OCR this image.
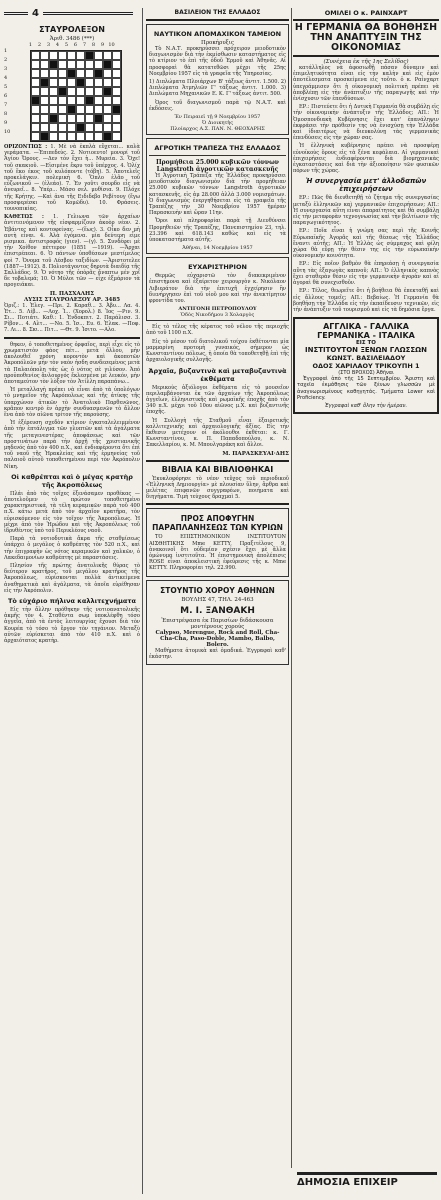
4
ΣΤΑΥΡΟΛΕΞΟΝ
Ἀριθ. 3486 (***)
1	2	3	4	5	6	7	8	9 10
1
2
3
4
5
6
7
8
9
10

ΟΡΙΖΟΝΤΙΩΣ : 1. Μὲ νὰ ἐκπλὰ εὔχεται... καλὰ γεράματα. —Ἐπιπεδεύς. 2. Νοτιοευτο! μονορί τοῦ Ἁγίου Ὄρους. —Δεν τὸν ἔχει ἡ... Μυρεία. 3. Ὄχε! τοῦ σκακιοῦ. —Εἰσιμένε ἔκρυ τοῦ ὑπέρχος. 4. Ὁλίχ τοῦ ἔκο ἑκος τοῦ κυλόποντε (τόβη). 5. Ἀποτελεῖς προκελάγκιν. πολεμικὴ 6. Ὅπλο ἐλᾶο τοῦ εὐζωνικοῦ — (ἑλεάο). 7. Ἐν γοῦτι σουρδο εἶς νὰ ἀνευρεῖ... 8. Ὑπέρ... Μάσο σελ. μυθίσια. 9. Πλόχε τῆς Κρήτης. —Καὶ ἀνα τῆς Ειδιδεβο Ρεβίτουγ (ἔγω προσφερέσκι τοῦ Κομῶδυ). 10. Φράσεις. τουνοπικίας.

ΚΑΘΕΤΩΣ : 1. Γελιωνα τῶν ἀρχαίων ἀντιτεινόμενον τῆς εἰσφαρμίζουν ἀκοὸρ νέον. 2. Ἐβάντες καὶ κοντοφείνας. —(ἕως). 3. Οἶκο δεν μὴ αυτὴ εἶναι. 4. Ἀλὰ ἐγόμενα. μία δεύτερη εἶμε ρισμικα. ἀντιστροφός (γιεν). —(γ). 5. Συνδέφει μὲ τὴν Χοίθον πέττερον (1851 —1919). —Ἄρχαι ἐπιστρέπεαι. 6. Ὁ πάντων ὑποθέσεων μεστίμελος φοὶ 7. Ὀνομα τοῦ Λέσβου ταξιδίων. —Ἀριστοτελεε (1887—1912). 8. Πολιοτάγοντος δηρυτὰ διαιδίᾳ τῆς Σαλλάδος. 9. Ὅ νότηο τῆς ὀπὸρᾶς ἄναπτω μέν χρῖ δε τοβαλεμά; 10. Ὁ Μύλοι τῶν — εἶχε ἐξμάριον τὰ προγειάκαι.

Π. ΠΑΣΧΑΛΗΣ
ΛΥΣΙΣ ΣΤΑΥΡΟΛΕΞΟΥ ΑΡ. 3485

Ὁριζ.: 1. Ἐλεγ. —Πρι. 2. Καραθ... 3. Ἀβυ... Λα. 4. Ἐτ... 5. Λίβ... —Λοχ. Ἱ... (Χορολ.) 8. Ἰος —Ριν. 9. Σι... Ποτιάτι. Καθ.: 1. Ἐνδοκπιτ. 2. Παράλισσ. 3. Ρίβον... 4. Αλτ... —Νο. 5. Ἰσ... Ευ. 6. Ἐλακ. —Ποφ. 7. Λι... 8. Σκι... Πιτ... —Θτ. 9. Ἰσιτο. —Αλο.

θηκεν, ὁ τοποθετημένος ὀρφαῖος, περὶ εἶχε εἰς τὸ χρωματιστὸν φάος πέτ... μετὰ ὄλλου, μὴν ἀκολουθεῖ χρόνη κοροντὸν καὶ ἀκοποτῶν Ἀκροπόλεῶν μὴν τὸν ναὸν ἠσδη συνδεσεμένος μετὰ τὰ Παλαιόπολη τάς ὡς ὁ νότος σὲ γιλύσον. Ἀπό προϋποθενίος ἄνλουργός ἔκλεσμένα μὲ λευκόν, μὴν ἀποταμεύτον τὸν λὸξον τὸν Ἀτίλλη παραπάνω...

Ἡ μεταλλαγὴ πρέπει νὰ εἶναι ἀπὸ τὰ ὑπολόγων τὸ μνημεῖον τῆς Ἀκρόπολεως καὶ τῆς ἀτίκης τῆς ὑπαρχώνον ἀτικῶν τὸ Ἀνατολικὸ Παρθενῶνος, κρᾶπον κεντρὸ ἐν ἀρχὴν συνδυασμενῶν τὸ ἄλλον ἕνα ἀπὸ τὸν αἰῶνα τρίτον τῆς παρούσης.

Ἡ ἐξέρευση σχεδὸν κτίριον ἐγκαταλελειμμένον ἀπὸ τὴν ἑπτάλιγμα τῶν γλυπτῶν καὶ τὰ ἀγάλματα τῆς μεταγενεστέρας ἀποφάσεως καὶ τῶν προστινάτων παρὰ τὴν ἀρχῆ τῆς χριστιανικῆς μηδενός ἀπὸ τὸν 400 π.Χ., καὶ ἐνδιαφέροντα ὅτι ἐπὶ τοῦ ναοῦ τῆς Ἡρακλείας καὶ τῆς ἑρμηνείας τοῦ παλαιοῦ αὐτοῦ τοποθετημένου περὶ τὸν Ἀκρόπολιν Νίκη.

Οἱ καθρέπται καὶ ὁ μέγας κρατὴρ τῆς Ἀκροπόλεως

Πλάι ἀπὸ τὰς τοῖχες ἐξενάσαμεν προθέκας —ἀποτελοῦμεν τὸ πρώτον τοποθετημένο χαρακτηριστικά, τὰ τέλη κεραμικῶν παρὰ τοῦ 400 π.Χ. κάτω μετὰ ἀπὸ τὸν ἀρχαῖον κρατῆρα, τὸν εὐρισκόμενον εἰς τὸν τοῖχον τῆς Ἀκροπόλεως. Ἡ μέχρι ἀπὸ τὸν Ἡρώδου καὶ τῆς Ἀκροπόλεως τοῦ ἰδρυθέντος ὑπὸ τοῦ Περικλέους ναοῦ.

Παρὰ τὰ νοτιοδυτικὰ ἄκρα τῆς σταθμίσεως ὑπάρχει ὁ μεγάλος ὁ καθρέπτης τὸν 520 π.Χ., καὶ τὴν ἐπιγραφὴν ὡς νότος κεραμικῶν καὶ χαλκῶν, ὁ Λακεδαιμονίων καθρέπτης μὲ παραστάσεις.

Πλησίον τῆς πρώτης ἀνατολικῆς θύρας τὸ δεύτερον κρατῆρος, τοῦ μεγάλου κρατῆρος τῆς Ἀκροπόλεως, εὐρίσκονται πολλὰ ἀντικείμενα ἀναθηματικὰ καὶ ἀγάλματα, τὰ ὁποῖα εὐρέθησαν εἰς τὴν Ἀκρόπολιν.

Τὸ εὐχάριο πήλινα καλλιτεχνήματα

Εἰς τὴν ἄλλην πρόθηκην τῆς νοτιοανατολικῆς ἀκμῆς τὸν 4. Σταθέντα σωμ ὑποκλέφθη τόσο ἀγγεῖα, ἀπὸ τὰ ἐντὸς λειτουργίας ἔχουσι διὰ τὸν Κουρέα τὸ τόσο τὸ ἔργον τὸν τηγάνιον. Μεταξὺ αὐτῶν εὐρίσκεται ἀπὸ τὸν 410 π.Χ. καὶ ὁ ἀρχαιότατος κρατὴρ.

ΒΑΣΙΛΕΙΟΝ ΤΗΣ ΕΛΛΑΔΟΣ
ΝΑΥΤΙΚΟΝ ΑΠΟΜΑΧΙΚΟΝ ΤΑΜΕΙΟΝ
Προκήρυξις

Τὸ Ν.Α.Τ. προκηρύσσει πρόχειρον μειοδοτικὸν διαγωνισμὸν διὰ τὴν ἐκμίσθωσιν καταστήματος εἰς τὸ κτίριον τὸ ἐπὶ τῆς ὁδοῦ Ἑρμοῦ καὶ Ἀθηνᾶς. Αἱ προσφοραὶ θὰ κατατεθῶσι μέχρι τῆς 25ης Νοεμβρίου 1957 εἰς τὰ γραφεῖα τῆς Ὑπηρεσίας.

1) Διπλώματα Πλοιάρχων Β' τάξεως ἀντιτ. 1.500. 2) Διπλώματα Ἀτμηλιῶν Γ' τάξεως ἀντιτ. 1.000. 3) Διπλώματα Μηχανικῶν Ε. Κ. Γ' τάξεως ἀντιτ. 500.

Ὁρος τοῦ διαγωνισμοῦ παρὰ τῷ Ν.Α.Τ. καὶ ἐκδόσεις.

Ἐν Πειραιεῖ τῇ 9 Νοεμβρίου 1957
Ὁ Διοικητὴς
Πλοίαρχος Α.Σ. ΠΑΝ. Ν. ΘΕΟΧΑΡΗΣ
ΑΓΡΟΤΙΚΗ ΤΡΑΠΕΖΑ ΤΗΣ ΕΛΛΑΔΟΣ
Προμήθεια 25.000 κυβικῶν τόννων Langstroth ἀγροτικῶν κατασκευῆς

Ἡ Ἀγροτικὴ Τράπεζα τῆς Ἑλλάδος προκηρύσσει μειοδοτικὸν διαγωνισμὸν διὰ τὴν προμήθειαν 25.000 κυβικῶν τόννων Langstroth ἀγροτικῶν κατασκευῆς, εἰς ἀμ 28.000 ἀλλὰ 3.000 νομισμάτων. Ὁ διαγωνισμὸς ἐνεργηθήσεται εἰς τὰ γραφεῖα τῆς Τραπέζης τὴν 30 Νοεμβρίου 1957 ἡμέραν Παρασκευὴν καὶ ὥραν 11ην.

Ὅροι καὶ πληροφορίαι παρὰ τῇ Διευθύνσει Προμηθειῶν τῆς Τραπέζης, Πανεπιστημίου 23, τηλ. 23.396 καὶ 618.143 καθὼς καὶ εἰς τὰ ὑποκαταστήματα αὐτῆς.

Ἀθῆναι, 14 Νοεμβρίου 1957
ΕΥΧΑΡΙΣΤΗΡΙΟΝ

Θερμῶς εὐχαριστῶ τὸν διακεκριμένον ἐπιστήμονα καὶ ἐξαίρετον χειρουργὸν κ. Νικόλαον Λιβιεράτον διὰ τὴν ἐπιτυχῆ ἐγχείρησιν ἢν διενήργησεν ἐπὶ τοῦ υἱοῦ μου καὶ τὴν ἀνεκτίμητον φροντίδα του.

ΑΝΤΙΓΟΝΗ ΠΕΤΡΟΠΟΥΛΟΥ
Ὁδὸς Νικοδήμου 3 Χολαργὸς

Εἰς τὸ τέλος τῆς κέρατος τοῦ νέλου τῆς περιοχῆς ἀπὸ τοῦ 1100 π.Χ.

Εἰς τὸ μέσον τοῦ διατολικοῦ τοίχου ἐκθέτονται μία μαρμαρίνη προτομὴ γυναικός, σήμερον ὡς Κωνσταντίνου πόλεως, ἡ ὁποία θὰ τοποθετηθῇ ἐπὶ τῆς ἀρχαιολογικῆς συλλογῆς.

Ἀρχαῖα, βυζαντινὰ καὶ μεταβυζαντινὰ ἐκθέματα

Μερικοὺς ἀξιόλογοι ἐκθέματα εἰς τὸ μουσεῖον περιλαμβάνονται ἐκ τῶν ἀρχαίων τῆς Ἀκροπόλεως ἀγγεῖων, ἑλληνιστικῆς καὶ ρωμαϊκῆς ἐποχῆς ἀπὸ τὸν 340 π.Χ. μέχρι τοῦ 10ου αἰῶνος μ.Χ. καὶ βυζαντινῆς ἐποχῆς.

Ἡ Συλλογὴ τῆς Σταθμοῦ εἶναι ἐξαιρετικῆς καλλιτεχνικῆς καὶ ἀρχαιολογικῆς ἀξίας. Εἰς τὴν ἔκθεσιν μετέχουν οἱ ἀκόλουθοι ἐκθέται: κ. Γ. Κωνσταντίνου, κ. Π. Παπαδοπούλου, κ. Ν. Σακελλαρίου, κ. Μ. Μπουλγαράκη καὶ ἄλλοι.

Μ. ΠΑΡΑΣΚΕΥΑΙ·ΔΗΣ
ΒΙΒΛΙΑ ΚΑΙ ΒΙΒΛΙΟΘΗΚΑΙ

Ἐκυκλοφόρησε τὸ νέον τεῦχος τοῦ περιοδικοῦ «Ἑλληνικὴ Δημιουργία» μὲ πλουσίαν ὕλην, ἄρθρα καὶ μελέτας ἐπιφανῶν συγγραφέων, ποιήματα καὶ διηγήματα. Τιμὴ τεύχους δραχμαὶ 5.

ΠΡΟΣ ΑΠΟΦΥΓΗΝ ΠΑΡΑΠΛΑΝΗΣΕΩΣ ΤΩΝ ΚΥΡΙΩΝ

ΤΟ ΕΠΙΣΤΗΜΟΝΙΚΟΝ ΙΝΣΤΙΤΟΥΤΟΝ ΑΙΣΘΗΤΙΚΗΣ Mme KETTY, Πραξιτέλους 9, ἀνακοινοῖ ὅτι οὐδεμίαν σχέσιν ἔχει μὲ ἄλλα ὁμώνυμα ἰνστιτοῦτα. Ἡ ἐπιστημονικὴ ἀπολέπισις ROSE εἶναι ἀποκλειστικὴ ἐφεύρεσις τῆς κ. Mme KETTY. Πληροφορίαι τηλ. 22.990.

ΣΤΟΥΝΤΙΟ ΧΟΡΟΥ ΑΘΗΝΩΝ
ΒΟΥΛΗΣ 47, ΤΗΛ. 24-463
Μ. Ι. ΞΑΝΘΑΚΗ
Ἐπιστρέψασα ἐκ Παρισίων διδάσκουσα μοντέρνους χοροὺς
Calypso, Merengue, Rock and Roll, Cha-Cha-Cha, Paso-Doble, Mambo, Balbo, Bolero.

Μαθήματα ἀτομικὰ καὶ ὁμαδικά. Ἐγγραφαὶ καθ' ἑκάστην.

ΟΜΙΛΕΙ Ο κ. ΡΑΙΝΧΑΡΤ
Η ΓΕΡΜΑΝΙΑ ΘΑ ΒΟΗΘΗΣΗ ΤΗΝ ΑΝΑΠΤΥΞΙΝ ΤΗΣ ΟΙΚΟΝΟΜΙΑΣ
(Συνέχεια ἐκ τῆς 1ης Σελίδος)

κατάλληλος νὰ ἀφοσιωθῇ πάσαν δύναμιν καὶ ἐπιμελητικότητα εἰναι εἰς τὴν καλὴν καὶ εἰς ἐμὸν ἀποτέλεσματα προσκείμενα εἰς τοῦτο. ὁ κ. Ραίνχαρτ ὑπεγράμμισεν ὅτι ἡ οἰκονομικὴ πολιτικὴ πρέπει νὰ ἀποβλέπῃ εἰς τὴν ἀνάπτυξιν τῆς παραγωγῆς καὶ τὴν ἐνίσχυσιν τῶν ἐπενδύσεων.

ΕΡ.: Πιστεύετε ὅτι ἡ Δυτικὴ Γερμανία θὰ συμβάλῃ εἰς τὴν οἰκονομικὴν ἀνάπτυξιν τῆς Ἑλλάδος; ΑΠ.: Ἡ Ὁμοσπονδιακὴ Κυβέρνησις ἔχει κατ' ἐπανάληψιν ἐκφράσει τὴν πρόθεσίν της νὰ ἐνισχύσῃ τὴν Ἑλλάδα καὶ ἰδιαιτέρως νὰ διευκολύνῃ τὰς γερμανικὰς ἐπενδύσεις εἰς τὴν χώραν σας.

Ἡ ἑλληνικὴ κυβέρνησις πρέπει νὰ προσφέρῃ εὐνοϊκοὺς ὅρους εἰς τὰ ξένα κεφάλαια. Αἱ γερμανικαὶ ἐπιχειρήσεις ἐνδιαφέρονται διὰ βιομηχανικὰς ἐγκαταστάσεις καὶ διὰ τὴν ἀξιοποίησιν τῶν φυσικῶν πόρων τῆς χώρας.

Ἡ συνεργασία μετ' ἀλλοδαπῶν ἐπιχειρήσεων

ΕΡ.: Πῶς θὰ διευθετηθῇ τὸ ζήτημα τῆς συνεργασίας μεταξὺ ἑλληνικῶν καὶ γερμανικῶν ἐπιχειρήσεων; ΑΠ.: Ἡ συνεργασία αὕτη εἶναι ἀπαραίτητος καὶ θὰ συμβάλῃ εἰς τὴν μεταφορὰν τεχνογνωσίας καὶ τὴν βελτίωσιν τῆς παραγωγικότητος.

ΕΡ.: Ποῖα εἶναι ἡ γνώμη σας περὶ τῆς Κοινῆς Εὐρωπαϊκῆς Ἀγορᾶς καὶ τῆς θέσεως τῆς Ἑλλάδος ἔναντι αὐτῆς; ΑΠ.: Ἡ Ἑλλὰς ὡς σύμμαχος καὶ φίλη χώρα θὰ εὕρῃ τὴν θέσιν της εἰς τὴν εὐρωπαϊκὴν οἰκονομικὴν κοινότητα.

ΕΡ.: Εἰς ποῖον βαθμὸν θὰ ἐπηρεάσῃ ἡ συνεργασία αὕτη τὰς ἐξαγωγὰς καπνοῦ; ΑΠ.: Ὁ ἑλληνικὸς καπνὸς ἔχει σταθερὰν θέσιν εἰς τὴν γερμανικὴν ἀγορὰν καὶ αἱ ἀγοραὶ θὰ συνεχισθοῦν.

ΕΡ.: Τέλος, θεωρεῖτε ὅτι ἡ βοήθεια θὰ ἐπεκταθῇ καὶ εἰς ἄλλους τομεῖς; ΑΠ.: Βεβαίως. Ἡ Γερμανία θὰ βοηθήσῃ τὴν Ἑλλάδα εἰς τὴν ἐκπαίδευσιν τεχνικῶν, εἰς τὴν ἀνάπτυξιν τοῦ τουρισμοῦ καὶ εἰς τὰ δημόσια ἔργα.

ΑΓΓΛΙΚΑ - ΓΑΛΛΙΚΑ
ΓΕΡΜΑΝΙΚΑ - ΙΤΑΛΙΚΑ
ΕΙΣ ΤΟ
ΙΝΣΤΙΤΟΥΤΟΝ ΞΕΝΩΝ ΓΛΩΣΣΩΝ
ΚΩΝΣΤ. ΒΑΣΙΛΕΙΑΔΟΥ
ΟΔΟΣ ΧΑΡΙΛΑΟΥ ΤΡΙΚΟΥΠΗ 1
(ΣΤΟ ΒΡΟΧΟΣ) Ἀθῆναι

Ἐγγραφαὶ ἀπὸ τῆς 15 Σεπτεμβρίου. Ἄριστη καὶ ταχεῖα ἐκμάθησις τῶν ξένων γλωσσῶν μὲ ἀναγνωρισμένους καθηγητάς. Τμήματα Lower καὶ Proficiency.

Ἐγγραφαὶ καθ' ὅλην τὴν ἡμέραν.
ΔΗΜΟΣΙΑ ΕΠΙΧΕΙΡ
